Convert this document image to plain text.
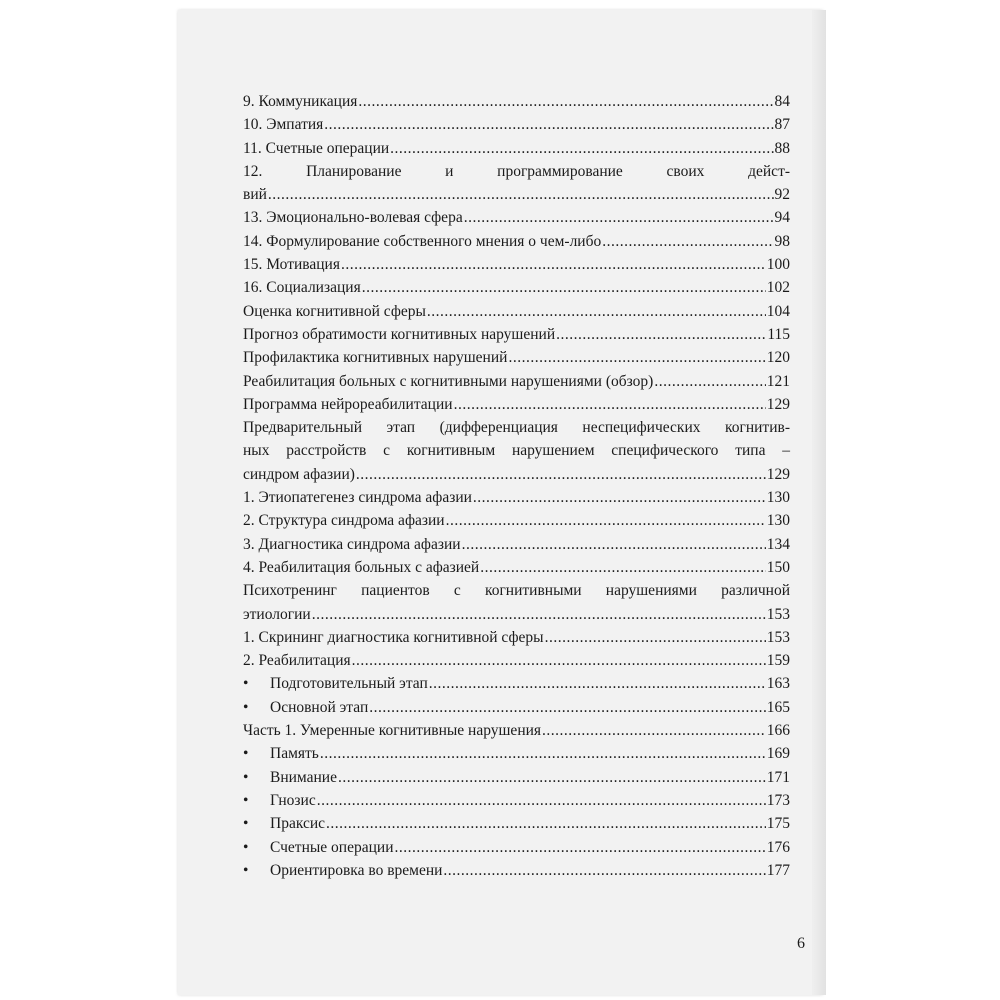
9. Коммуникация .....	84
10. Эмпатия .....	87
11. Счетные операции .....	88
12. Планирование и программирование своих дейст-
вий .....	92
13. Эмоционально-волевая сфера .....	94
14. Формулирование собственного мнения о чем-либо .....	98
15. Мотивация .....	100
16. Социализация .....	102
Оценка когнитивной сферы .....	104
Прогноз обратимости когнитивных нарушений .....	115
Профилактика когнитивных нарушений .....	120
Реабилитация больных с когнитивными нарушениями (обзор) .....	121
Программа нейрореабилитации .....	129
Предварительный этап (дифференциация неспецифических когнитив-
ных расстройств с когнитивным нарушением специфического типа –
синдром афазии) .....	129
1. Этиопатегенез синдрома афазии .....	130
2. Структура синдрома афазии .....	130
3. Диагностика синдрома афазии .....	134
4. Реабилитация больных с афазией .....	150
Психотренинг пациентов с когнитивными нарушениями различной
этиологии .....	153
1. Скрининг диагностика когнитивной сферы .....	153
2. Реабилитация .....	159
•	Подготовительный этап .....	163
•	Основной этап .....	165
Часть 1. Умеренные когнитивные нарушения .....	166
•	Память .....	169
•	Внимание .....	171
•	Гнозис .....	173
•	Праксис .....	175
•	Счетные операции .....	176
•	Ориентировка во времени .....	177
6
